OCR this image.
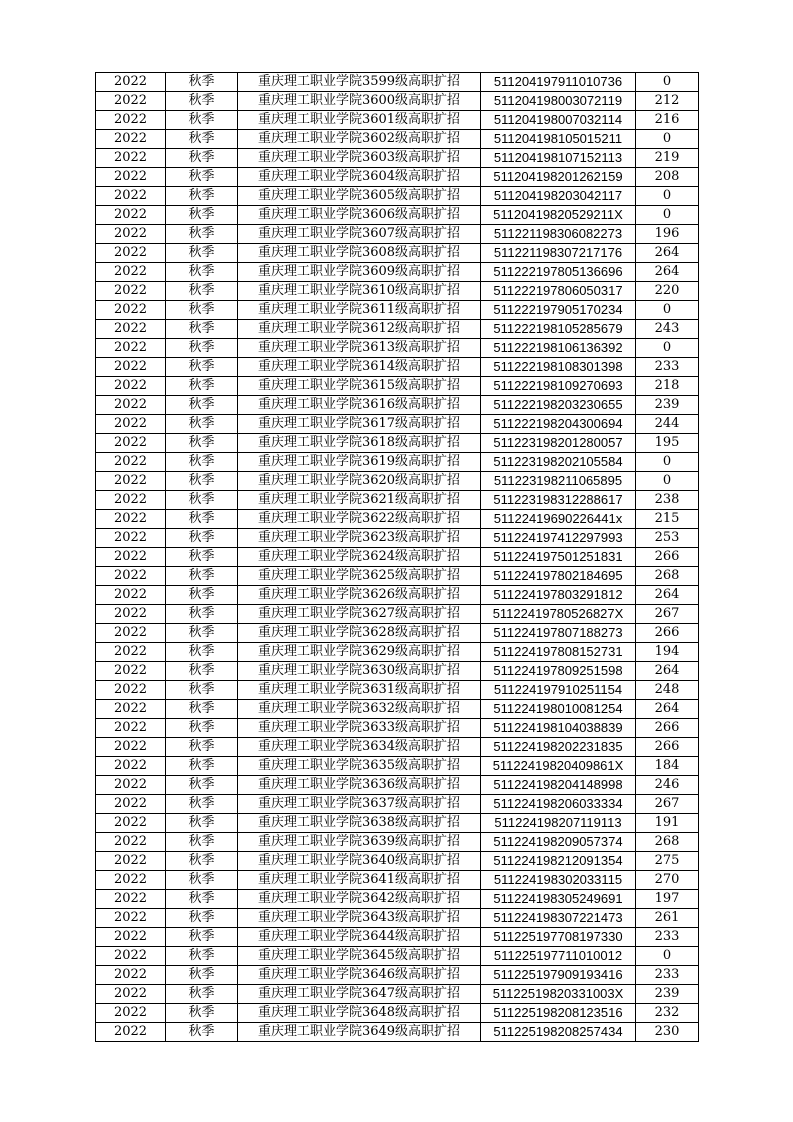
2022	秋季	重庆理工职业学院3599级高职扩招	511204197911010736	0
2022	秋季	重庆理工职业学院3600级高职扩招	511204198003072119	212
2022	秋季	重庆理工职业学院3601级高职扩招	511204198007032114	216
2022	秋季	重庆理工职业学院3602级高职扩招	511204198105015211	0
2022	秋季	重庆理工职业学院3603级高职扩招	511204198107152113	219
2022	秋季	重庆理工职业学院3604级高职扩招	511204198201262159	208
2022	秋季	重庆理工职业学院3605级高职扩招	511204198203042117	0
2022	秋季	重庆理工职业学院3606级高职扩招	51120419820529211X	0
2022	秋季	重庆理工职业学院3607级高职扩招	511221198306082273	196
2022	秋季	重庆理工职业学院3608级高职扩招	511221198307217176	264
2022	秋季	重庆理工职业学院3609级高职扩招	511222197805136696	264
2022	秋季	重庆理工职业学院3610级高职扩招	511222197806050317	220
2022	秋季	重庆理工职业学院3611级高职扩招	511222197905170234	0
2022	秋季	重庆理工职业学院3612级高职扩招	511222198105285679	243
2022	秋季	重庆理工职业学院3613级高职扩招	511222198106136392	0
2022	秋季	重庆理工职业学院3614级高职扩招	511222198108301398	233
2022	秋季	重庆理工职业学院3615级高职扩招	511222198109270693	218
2022	秋季	重庆理工职业学院3616级高职扩招	511222198203230655	239
2022	秋季	重庆理工职业学院3617级高职扩招	511222198204300694	244
2022	秋季	重庆理工职业学院3618级高职扩招	511223198201280057	195
2022	秋季	重庆理工职业学院3619级高职扩招	511223198202105584	0
2022	秋季	重庆理工职业学院3620级高职扩招	511223198211065895	0
2022	秋季	重庆理工职业学院3621级高职扩招	511223198312288617	238
2022	秋季	重庆理工职业学院3622级高职扩招	51122419690226441x	215
2022	秋季	重庆理工职业学院3623级高职扩招	511224197412297993	253
2022	秋季	重庆理工职业学院3624级高职扩招	511224197501251831	266
2022	秋季	重庆理工职业学院3625级高职扩招	511224197802184695	268
2022	秋季	重庆理工职业学院3626级高职扩招	511224197803291812	264
2022	秋季	重庆理工职业学院3627级高职扩招	51122419780526827X	267
2022	秋季	重庆理工职业学院3628级高职扩招	511224197807188273	266
2022	秋季	重庆理工职业学院3629级高职扩招	511224197808152731	194
2022	秋季	重庆理工职业学院3630级高职扩招	511224197809251598	264
2022	秋季	重庆理工职业学院3631级高职扩招	511224197910251154	248
2022	秋季	重庆理工职业学院3632级高职扩招	511224198010081254	264
2022	秋季	重庆理工职业学院3633级高职扩招	511224198104038839	266
2022	秋季	重庆理工职业学院3634级高职扩招	511224198202231835	266
2022	秋季	重庆理工职业学院3635级高职扩招	51122419820409861X	184
2022	秋季	重庆理工职业学院3636级高职扩招	511224198204148998	246
2022	秋季	重庆理工职业学院3637级高职扩招	511224198206033334	267
2022	秋季	重庆理工职业学院3638级高职扩招	511224198207119113	191
2022	秋季	重庆理工职业学院3639级高职扩招	511224198209057374	268
2022	秋季	重庆理工职业学院3640级高职扩招	511224198212091354	275
2022	秋季	重庆理工职业学院3641级高职扩招	511224198302033115	270
2022	秋季	重庆理工职业学院3642级高职扩招	511224198305249691	197
2022	秋季	重庆理工职业学院3643级高职扩招	511224198307221473	261
2022	秋季	重庆理工职业学院3644级高职扩招	511225197708197330	233
2022	秋季	重庆理工职业学院3645级高职扩招	511225197711010012	0
2022	秋季	重庆理工职业学院3646级高职扩招	511225197909193416	233
2022	秋季	重庆理工职业学院3647级高职扩招	51122519820331003X	239
2022	秋季	重庆理工职业学院3648级高职扩招	511225198208123516	232
2022	秋季	重庆理工职业学院3649级高职扩招	511225198208257434	230
